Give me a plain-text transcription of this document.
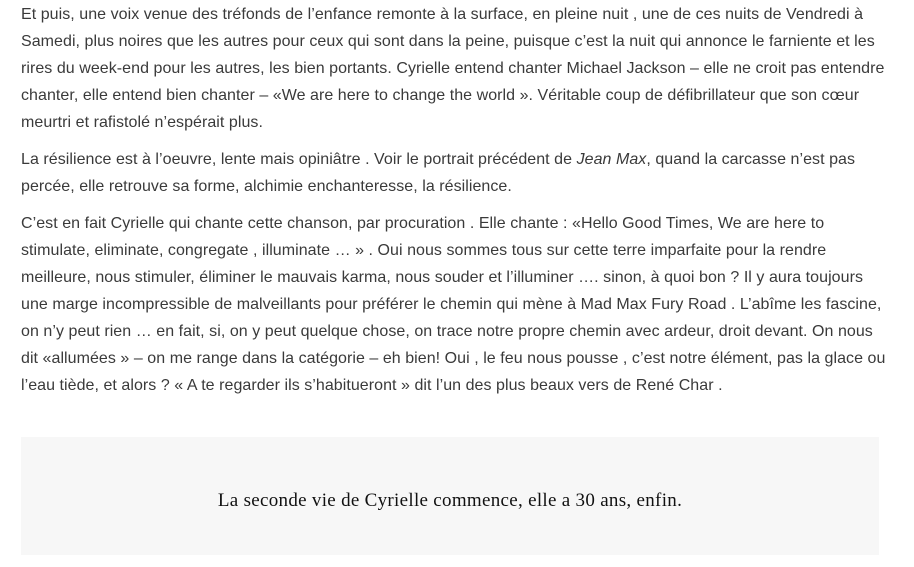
Et puis, une voix venue des tréfonds de l’enfance remonte à la surface, en pleine nuit , une de ces nuits de Vendredi à Samedi, plus noires que les autres pour ceux qui sont dans la peine, puisque c’est la nuit qui annonce le farniente et les rires du week-end pour les autres, les bien portants. Cyrielle entend chanter Michael Jackson – elle ne croit pas entendre chanter, elle entend bien chanter – «We are here to change the world ». Véritable coup de défibrillateur que son cœur meurtri et rafistolé n’espérait plus.

La résilience est à l’oeuvre, lente mais opiniâtre . Voir le portrait précédent de Jean Max, quand la carcasse n’est pas percée, elle retrouve sa forme, alchimie enchanteresse, la résilience.

C’est en fait Cyrielle qui chante cette chanson, par procuration . Elle chante : «Hello Good Times, We are here to stimulate, eliminate, congregate , illuminate … » . Oui nous sommes tous sur cette terre imparfaite pour la rendre meilleure, nous stimuler, éliminer le mauvais karma, nous souder et l’illuminer …. sinon, à quoi bon ? Il y aura toujours une marge incompressible de malveillants pour préférer le chemin qui mène à Mad Max Fury Road . L’abîme les fascine, on n’y peut rien … en fait, si, on y peut quelque chose, on trace notre propre chemin avec ardeur, droit devant. On nous dit «allumées » – on me range dans la catégorie – eh bien! Oui , le feu nous pousse , c’est notre élément, pas la glace ou l’eau tiède, et alors ? « A te regarder ils s’habitueront » dit l’un des plus beaux vers de René Char .

La seconde vie de Cyrielle commence, elle a 30 ans, enfin.
